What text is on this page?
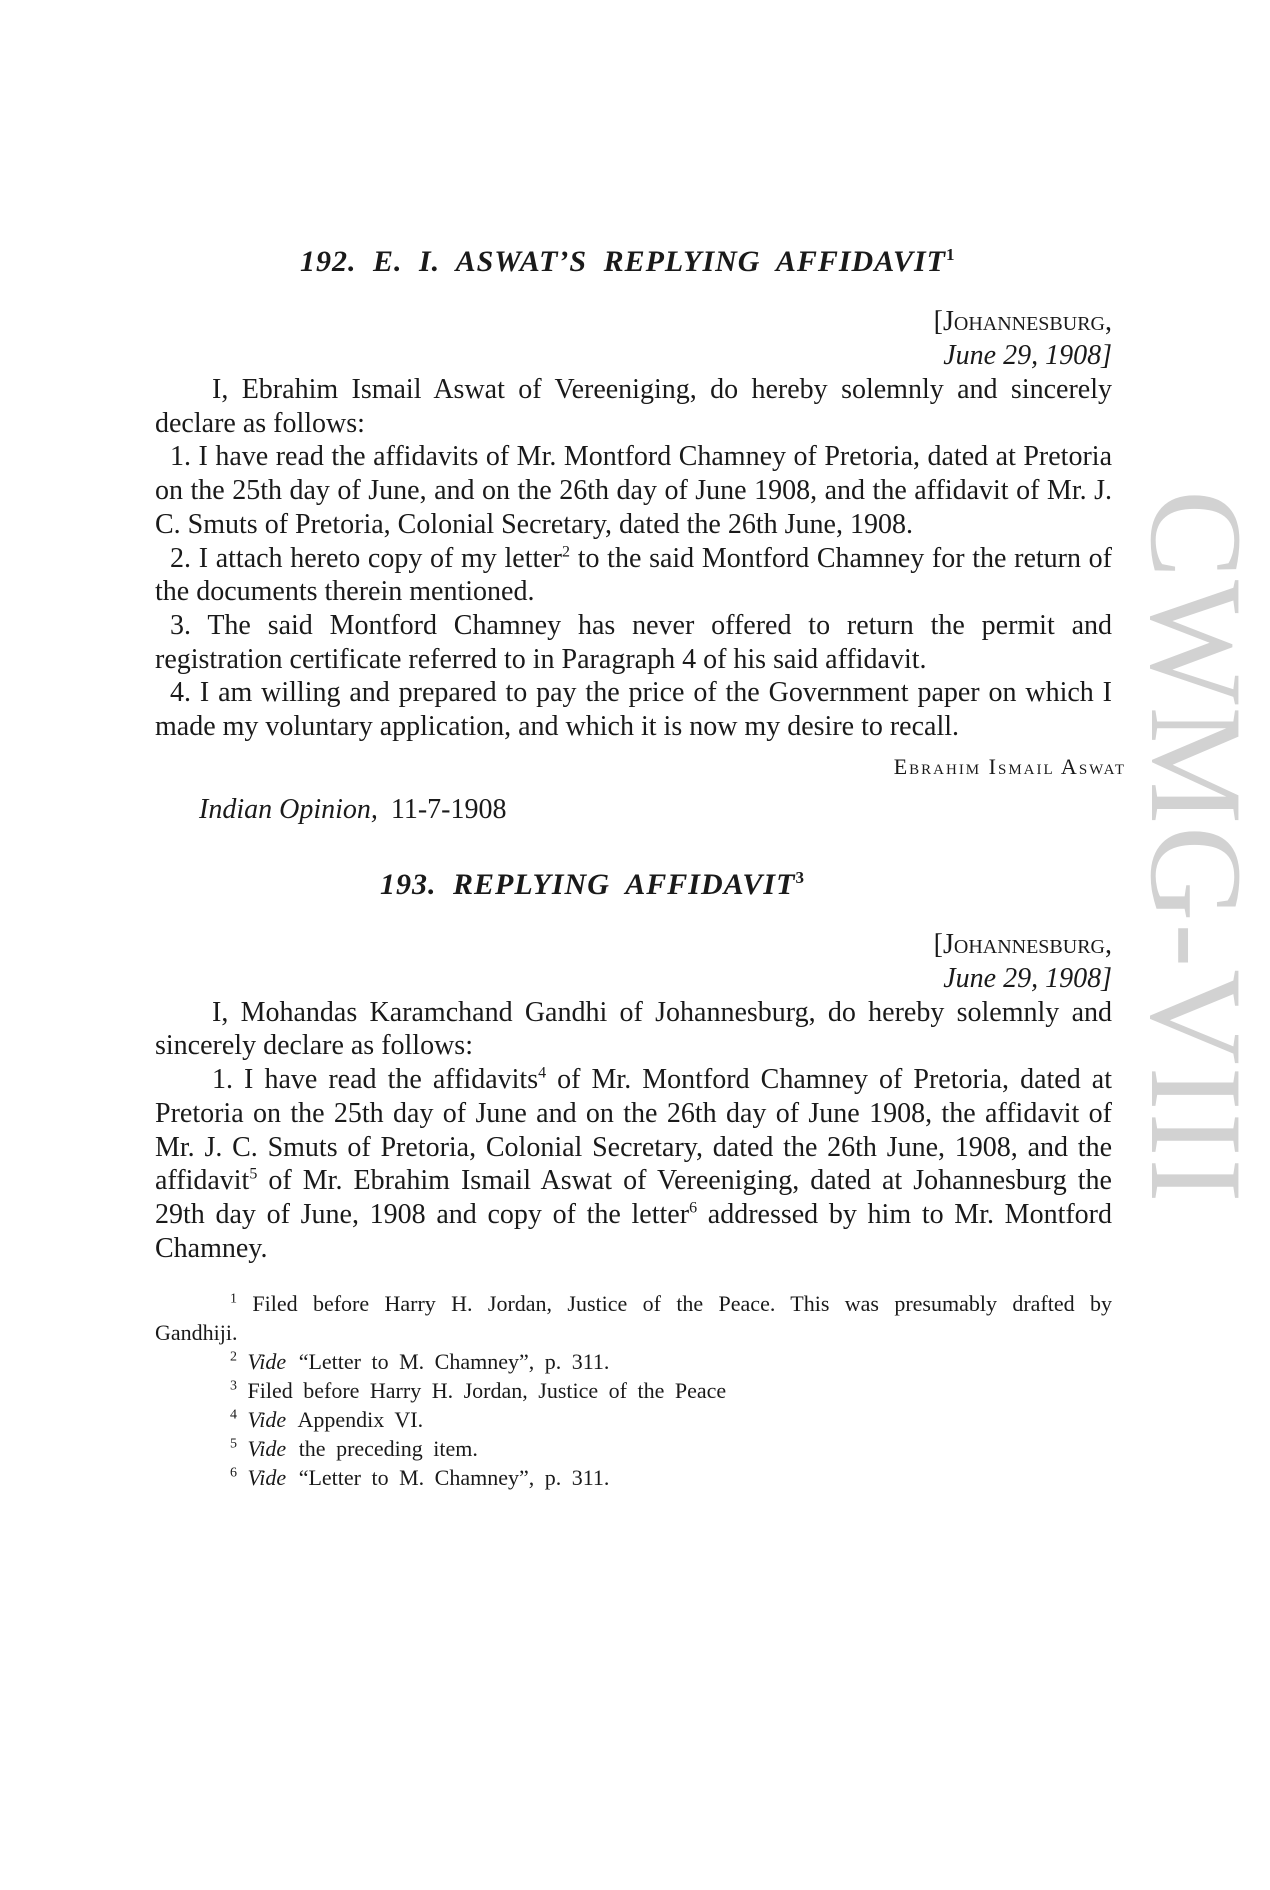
CWMG-VIII
192. E. I. ASWAT’S REPLYING AFFIDAVIT$^1$
[Johannesburg,
June 29, 1908]

I, Ebrahim Ismail Aswat of Vereeniging, do hereby solemnly and sincerely declare as follows:

1. I have read the affidavits of Mr. Montford Chamney of Pretoria, dated at Pretoria on the 25th day of June, and on the 26th day of June 1908, and the affidavit of Mr. J. C. Smuts of Pretoria, Colonial Secretary, dated the 26th June, 1908.

2. I attach hereto copy of my letter$^2$ to the said Montford Chamney for the return of the documents therein mentioned.

3. The said Montford Chamney has never offered to return the permit and registration certificate referred to in Paragraph 4 of his said affidavit.

4. I am willing and prepared to pay the price of the Government paper on which I made my voluntary application, and which it is now my desire to recall.

Ebrahim Ismail Aswat
Indian Opinion, 11-7-1908
193. REPLYING AFFIDAVIT$^3$
[Johannesburg,
June 29, 1908]

I, Mohandas Karamchand Gandhi of Johannesburg, do hereby solemnly and sincerely declare as follows:

1. I have read the affidavits$^4$ of Mr. Montford Chamney of Pretoria, dated at Pretoria on the 25th day of June and on the 26th day of June 1908, the affidavit of Mr. J. C. Smuts of Pretoria, Colonial Secretary, dated the 26th June, 1908, and the affidavit$^5$ of Mr. Ebrahim Ismail Aswat of Vereeniging, dated at Johannesburg the 29th day of June, 1908 and copy of the letter$^6$ addressed by him to Mr. Montford Chamney.

$^1$ Filed before Harry H. Jordan, Justice of the Peace. This was presumably drafted by Gandhiji.

$^2$ Vide “Letter to M. Chamney”, p. 311.

$^3$ Filed before Harry H. Jordan, Justice of the Peace

$^4$ Vide Appendix VI.

$^5$ Vide the preceding item.

$^6$ Vide “Letter to M. Chamney”, p. 311.
